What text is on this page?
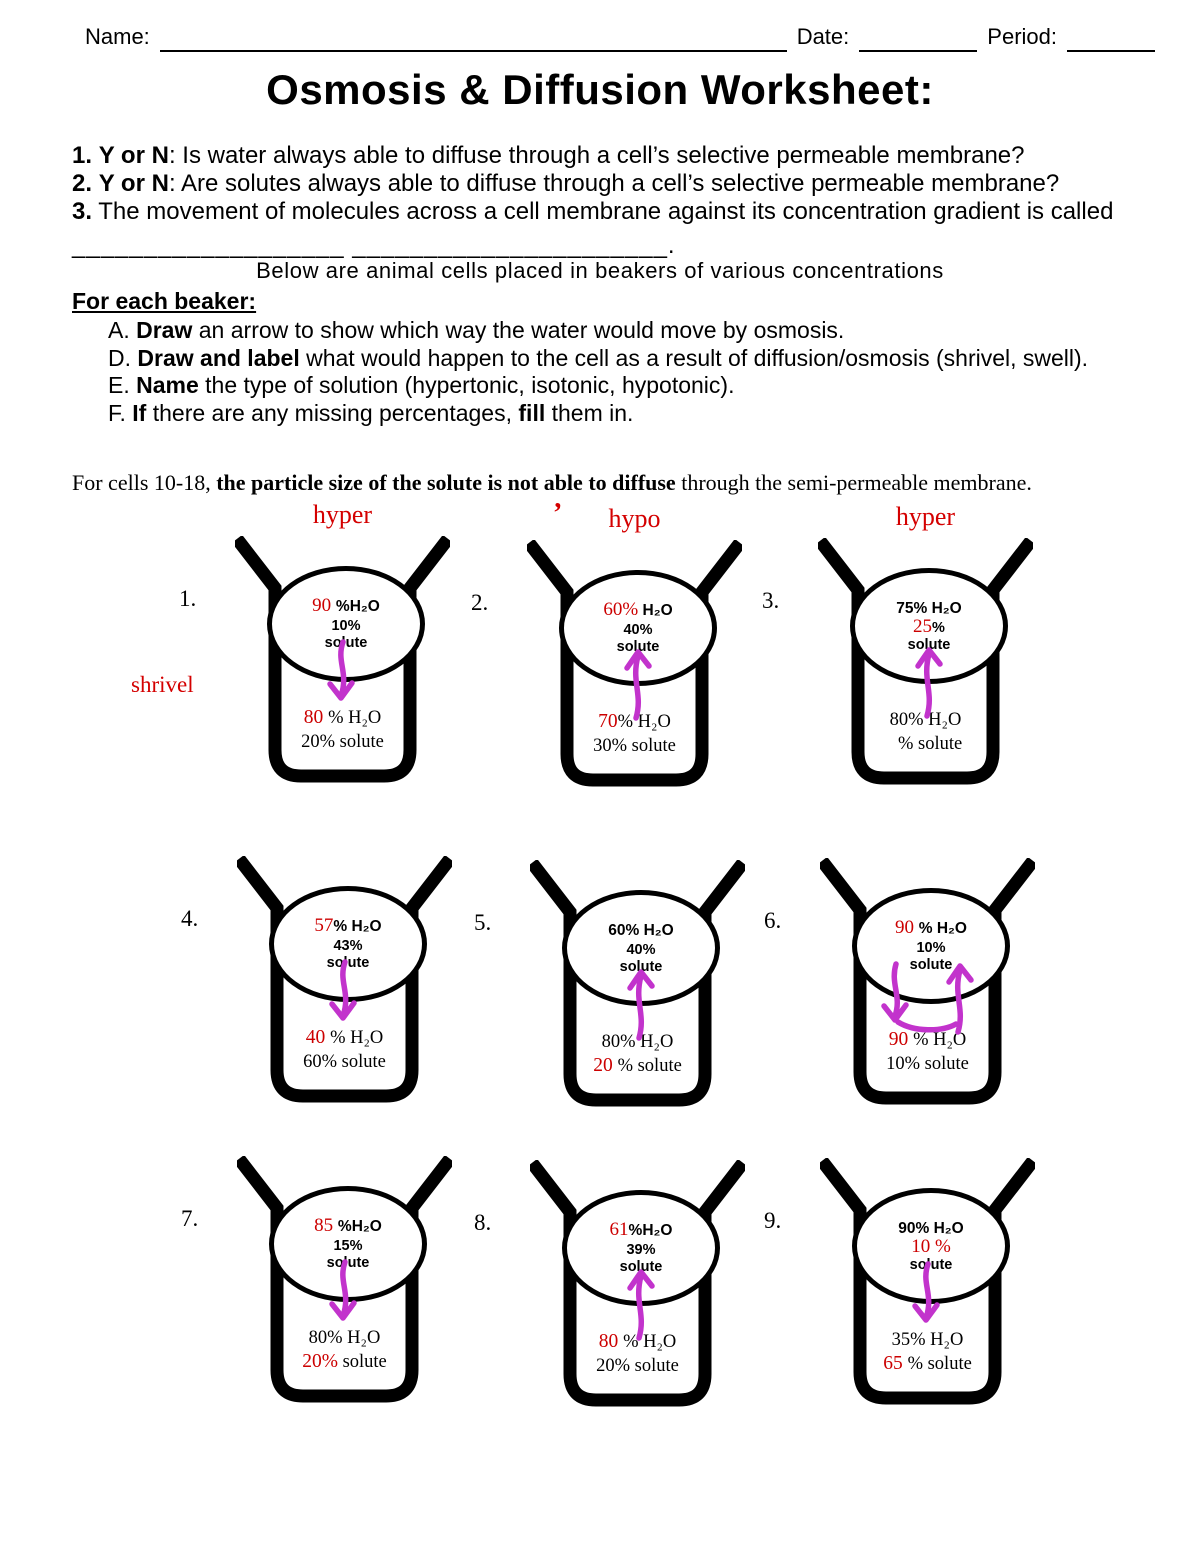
Name:	Date:	Period:
Osmosis & Diffusion Worksheet:
1. Y or N: Is water always able to diffuse through a cell’s selective permeable membrane?
2. Y or N: Are solutes always able to diffuse through a cell’s selective permeable membrane?
3. The movement of molecules across a cell membrane against its concentration gradient is called
___________________ ______________________.
Below are animal cells placed in beakers of various concentrations
For each beaker:
A. Draw an arrow to show which way the water would move by osmosis.
D. Draw and label what would happen to the cell as a result of diffusion/osmosis (shrivel, swell).
E. Name the type of solution (hypertonic, isotonic, hypotonic).
F. If there are any missing percentages, fill them in.
For cells 10-18, the particle size of the solute is not able to diffuse through the semi-permeable membrane.
’
hyper
1.
shrivel
90 %H₂O
10%
solute
80 % H₂O
20% solute
hypo
2.	60% H₂O
40%
solute
70% H₂O
30% solute
hyper
3.	75% H₂O
25%
solute
80% H₂O
% solute
4.	57% H₂O
43%
solute
40 % H₂O
60% solute
5.	60% H₂O
40%
solute
80% H₂O
20 % solute
6.	90 % H₂O
10%
solute
90 % H₂O
10% solute
7.	85 %H₂O
15%
solute
80% H₂O
20% solute
8.	61%H₂O
39%
solute
80 % H₂O
20% solute
9.	90% H₂O
10 %
solute
35% H₂O
65 % solute
